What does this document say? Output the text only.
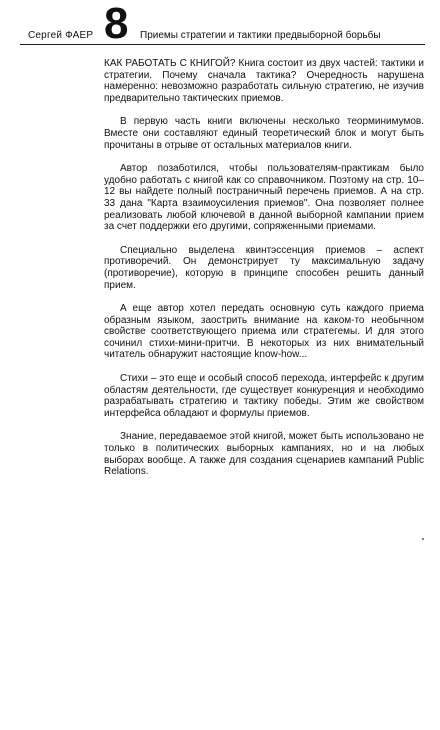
Сергей ФАЕР 8 Приемы стратегии и тактики предвыборной борьбы

КАК РАБОТАТЬ С КНИГОЙ? Книга состоит из двух частей: тактики и стратегии. Почему сначала тактика? Очередность нарушена намеренно: невозможно разработать сильную стратегию, не изучив предварительно тактических приемов.

В первую часть книги включены несколько теорминимумов. Вместе они составляют единый теоретический блок и могут быть прочитаны в отрыве от остальных материалов книги.

Автор позаботился, чтобы пользователям-практикам было удобно работать с книгой как со справочником. Поэтому на стр. 10–12 вы найдете полный постраничный перечень приемов. А на стр. 33 дана "Карта взаимоусиления приемов". Она позволяет полнее реализовать любой ключевой в данной выборной кампании прием за счет поддержки его другими, сопряженными приемами.

Специально выделена квинтэссенция приемов – аспект противоречий. Он демонстрирует ту максимальную задачу (противоречие), которую в принципе способен решить данный прием.

А еще автор хотел передать основную суть каждого приема образным языком, заострить внимание на каком-то необычном свойстве соответствующего приема или стратегемы. И для этого сочинил стихи-мини-притчи. В некоторых из них внимательный читатель обнаружит настоящие know-how...

Стихи – это еще и особый способ перехода, интерфейс к другим областям деятельности, где существует конкуренция и необходимо разрабатывать стратегию и тактику победы. Этим же свойством интерфейса обладают и формулы приемов.

Знание, передаваемое этой книгой, может быть использовано не только в политических выборных кампаниях, но и на любых выборах вообще. А также для создания сценариев кампаний Public Relations.
